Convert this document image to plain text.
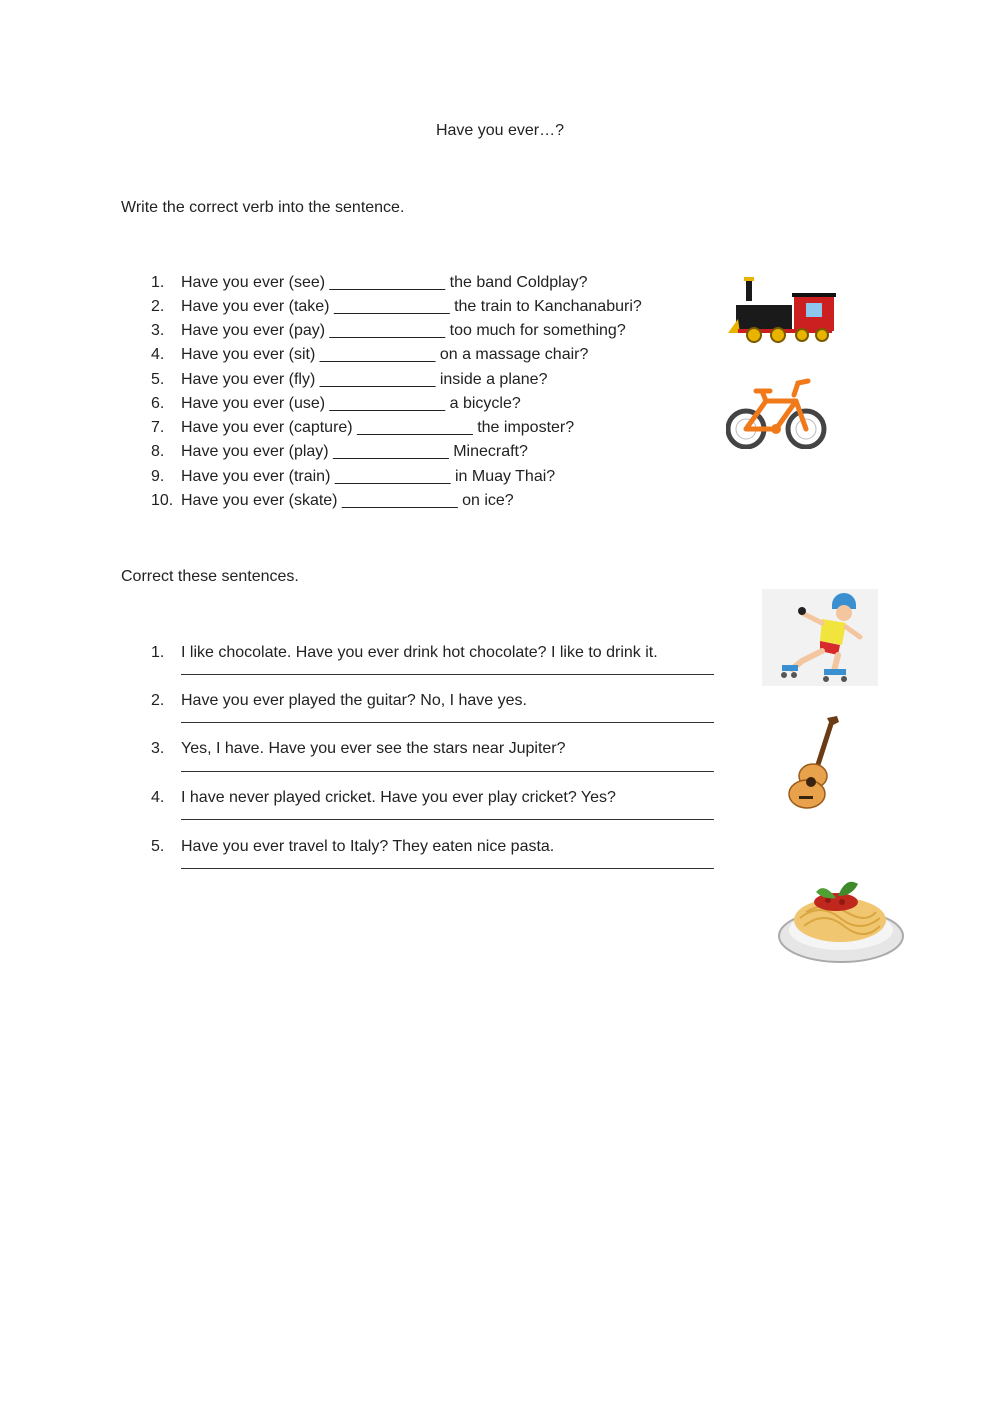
Have you ever…?
Write the correct verb into the sentence.
1. Have you ever (see) _____________ the band Coldplay?
2. Have you ever (take) _____________ the train to Kanchanaburi?
3. Have you ever (pay) _____________ too much for something?
4. Have you ever (sit) _____________ on a massage chair?
5. Have you ever (fly) _____________ inside a plane?
6. Have you ever (use) _____________ a bicycle?
7. Have you ever (capture) _____________ the imposter?
8. Have you ever (play) _____________ Minecraft?
9. Have you ever (train) _____________ in Muay Thai?
10. Have you ever (skate) _____________ on ice?
Correct these sentences.
1. I like chocolate. Have you ever drink hot chocolate? I like to drink it.
2. Have you ever played the guitar? No, I have yes.
3. Yes, I have. Have you ever see the stars near Jupiter?
4. I have never played cricket. Have you ever play cricket? Yes?
5. Have you ever travel to Italy? They eaten nice pasta.
